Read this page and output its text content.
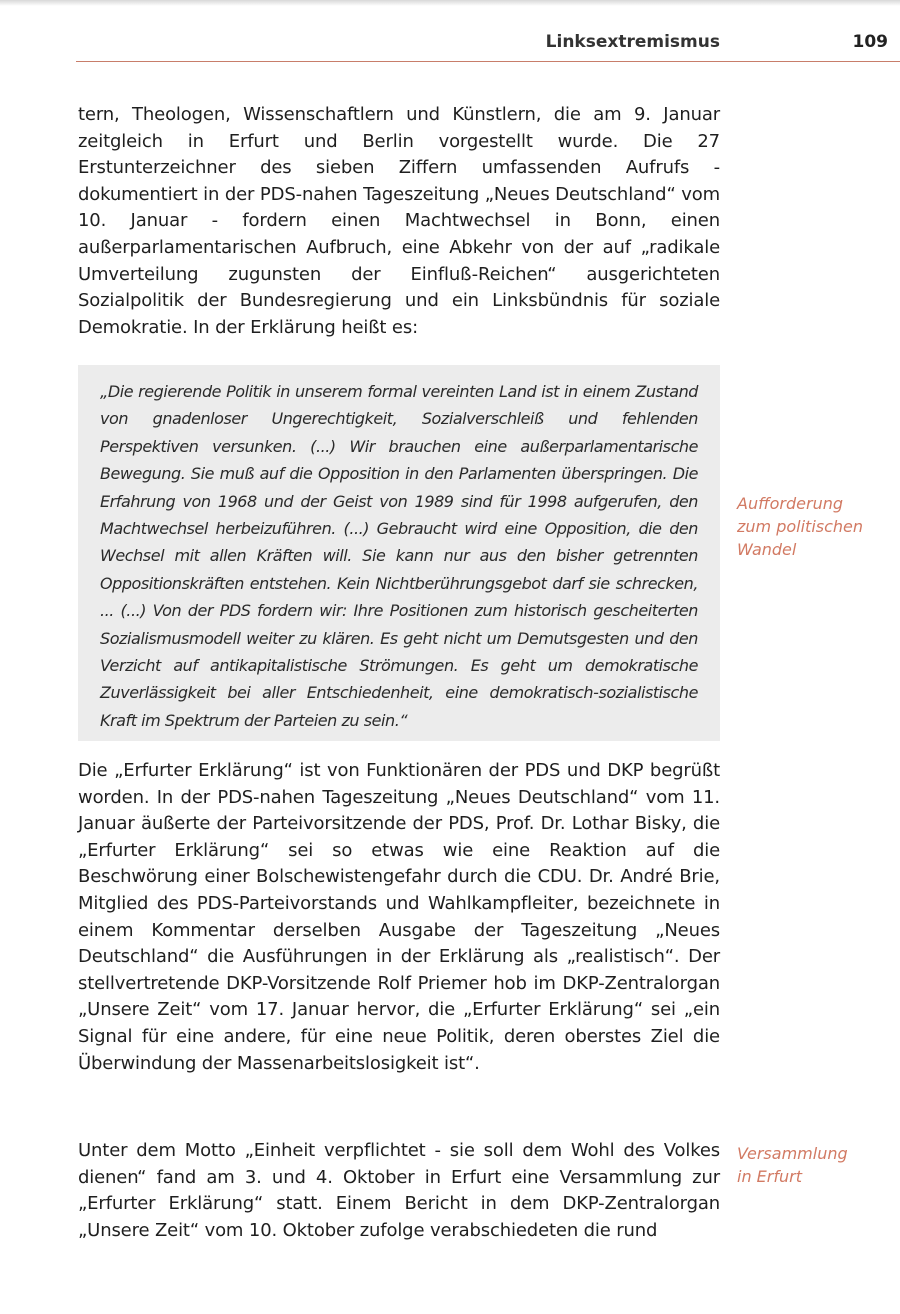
Linksextremismus	109

tern, Theologen, Wissenschaftlern und Künstlern, die am 9. Januar zeitgleich in Erfurt und Berlin vorgestellt wurde. Die 27 Erstunterzeichner des sieben Ziffern umfassenden Aufrufs - dokumentiert in der PDS-nahen Tageszeitung „Neues Deutschland“ vom 10. Januar - fordern einen Machtwechsel in Bonn, einen außerparlamentarischen Aufbruch, eine Abkehr von der auf „radikale Umverteilung zugunsten der Einfluß-Reichen“ ausgerichteten Sozialpolitik der Bundesregierung und ein Linksbündnis für soziale Demokratie. In der Erklärung heißt es:

„Die regierende Politik in unserem formal vereinten Land ist in einem Zustand von gnadenloser Ungerechtigkeit, Sozialverschleiß und fehlenden Perspektiven versunken. (...) Wir brauchen eine außerparlamentarische Bewegung. Sie muß auf die Opposition in den Parlamenten überspringen. Die Erfahrung von 1968 und der Geist von 1989 sind für 1998 aufgerufen, den Machtwechsel herbeizuführen. (...) Gebraucht wird eine Opposition, die den Wechsel mit allen Kräften will. Sie kann nur aus den bisher getrennten Oppositionskräften entstehen. Kein Nichtberührungsgebot darf sie schrecken, ... (...) Von der PDS fordern wir: Ihre Positionen zum historisch gescheiterten Sozialismusmodell weiter zu klären. Es geht nicht um Demutsgesten und den Verzicht auf antikapitalistische Strömungen. Es geht um demokratische Zuverlässigkeit bei aller Entschiedenheit, eine demokratisch-sozialistische Kraft im Spektrum der Parteien zu sein.“

Aufforderung
zum politischen
Wandel

Die „Erfurter Erklärung“ ist von Funktionären der PDS und DKP begrüßt worden. In der PDS-nahen Tageszeitung „Neues Deutschland“ vom 11. Januar äußerte der Parteivorsitzende der PDS, Prof. Dr. Lothar Bisky, die „Erfurter Erklärung“ sei so etwas wie eine Reaktion auf die Beschwörung einer Bolschewistengefahr durch die CDU. Dr. André Brie, Mitglied des PDS-Parteivorstands und Wahlkampfleiter, bezeichnete in einem Kommentar derselben Ausgabe der Tageszeitung „Neues Deutschland“ die Ausführungen in der Erklärung als „realistisch“. Der stellvertretende DKP-Vorsitzende Rolf Priemer hob im DKP-Zentralorgan „Unsere Zeit“ vom 17. Januar hervor, die „Erfurter Erklärung“ sei „ein Signal für eine andere, für eine neue Politik, deren oberstes Ziel die Überwindung der Massenarbeitslosigkeit ist“.

Unter dem Motto „Einheit verpflichtet - sie soll dem Wohl des Volkes dienen“ fand am 3. und 4. Oktober in Erfurt eine Versammlung zur „Erfurter Erklärung“ statt. Einem Bericht in dem DKP-Zentralorgan „Unsere Zeit“ vom 10. Oktober zufolge verabschiedeten die rund

Versammlung
in Erfurt
